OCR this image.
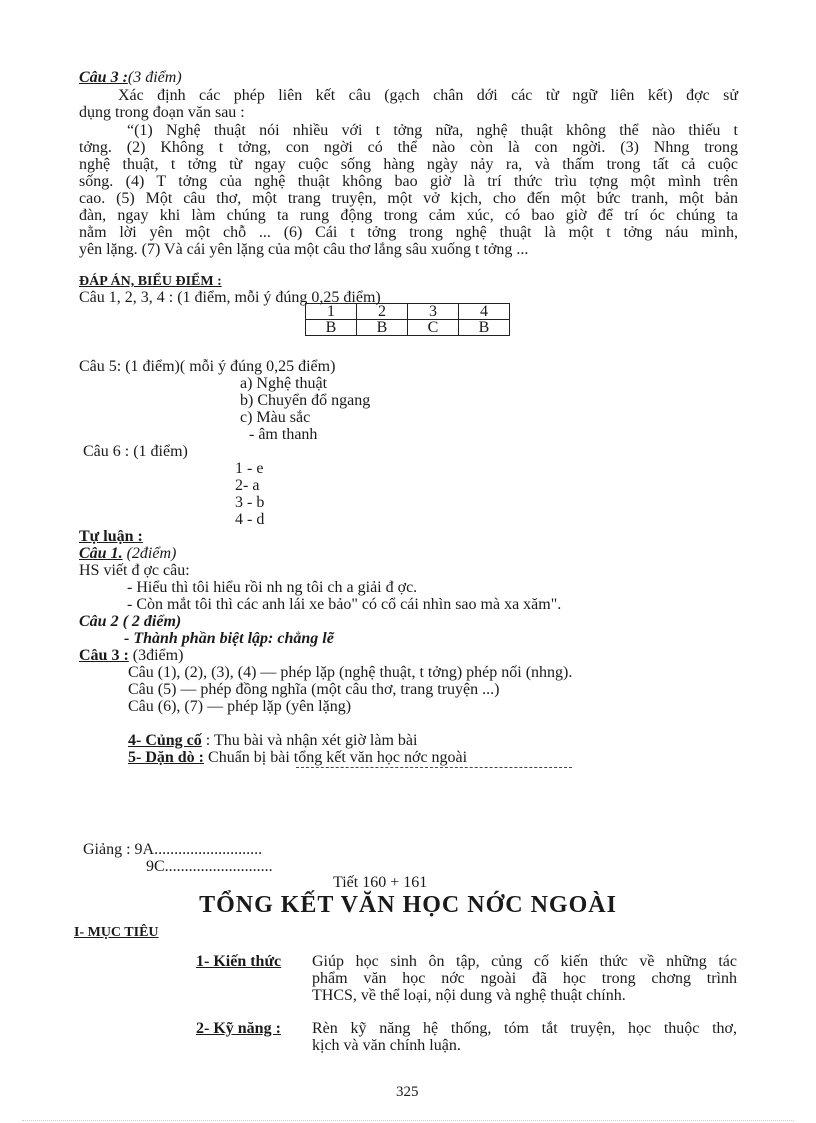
Câu 3 :(3 điểm)
Xác định các phép liên kết câu (gạch chân dới các từ ngữ liên kết) đợc sử
dụng trong đoạn văn sau :
“(1) Nghệ thuật nói nhiều với t tởng nữa, nghệ thuật không thể nào thiếu t
tởng. (2) Không t tởng, con ngời có thể nào còn là con ngời. (3) Nhng trong
nghệ thuật, t tởng từ ngay cuộc sống hàng ngày nảy ra, và thấm trong tất cả cuộc
sống. (4) T tởng của nghệ thuật không bao giờ là trí thức trìu tợng một mình trên
cao. (5) Một câu thơ, một trang truyện, một vở kịch, cho đến một bức tranh, một bản
đàn, ngay khi làm chúng ta rung động trong cảm xúc, có bao giờ để trí óc chúng ta
nằm lời yên một chỗ ... (6) Cái t tởng trong nghệ thuật là một t tởng náu mình,
yên lặng. (7) Và cái yên lặng của một câu thơ lắng sâu xuống t tởng ...
ĐÁP ÁN, BIỂU ĐIỂM :
Câu 1, 2, 3, 4 : (1 điểm, mỗi ý đúng 0,25 điểm)
1	2	3	4
B	B	C	B
Câu 5: (1 điểm)( mỗi ý đúng 0,25 điểm)
a) Nghệ thuật
b) Chuyển đổ ngang
c) Màu sắc
- âm thanh
Câu 6 : (1 điểm)
1 - e
2- a
3 - b
4 - d
Tự luận :
Câu 1. (2điểm)
HS viết đ ợc câu:
- Hiểu thì tôi hiểu rồi nh ng tôi ch a giải đ ợc.
- Còn mắt tôi thì các anh lái xe bảo" có cổ cái nhìn sao mà xa xăm".
Câu 2 ( 2 điểm)
- Thành phần biệt lập: chẳng lẽ
Câu 3 : (3điểm)
Câu (1), (2), (3), (4) — phép lặp (nghệ thuật, t tởng) phép nối (nhng).
Câu (5) — phép đồng nghĩa (một câu thơ, trang truyện ...)
Câu (6), (7) — phép lặp (yên lặng)
4- Củng cố : Thu bài và nhận xét giờ làm bài
5- Dặn dò : Chuẩn bị bài tổng kết văn học nớc ngoài
Giảng : 9A...........................
9C...........................
Tiết 160 + 161
TỔNG KẾT VĂN HỌC NỚC NGOÀI
I- MỤC TIÊU
1- Kiến thức Giúp học sinh ôn tập, củng cố kiến thức về những tác
phẩm văn học nớc ngoài đã học trong chơng trình
THCS, về thể loại, nội dung và nghệ thuật chính.
2- Kỹ năng : Rèn kỹ năng hệ thống, tóm tắt truyện, học thuộc thơ,
kịch và văn chính luận.
325
